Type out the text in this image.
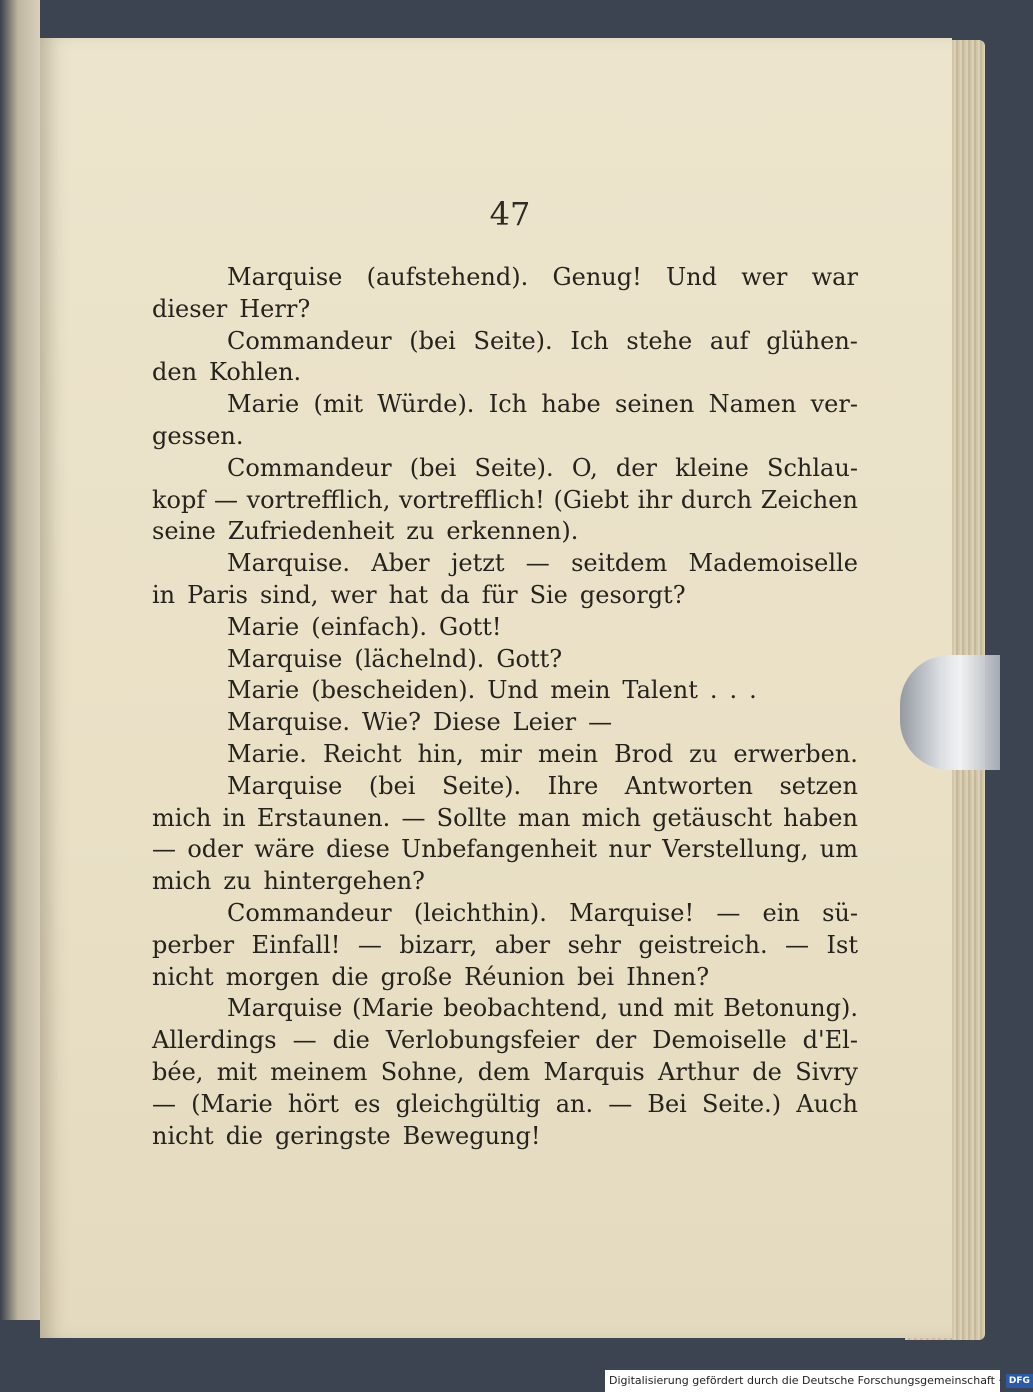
47
Marquise (aufstehend). Genug! Und wer war
dieser Herr?
Commandeur (bei Seite). Ich stehe auf glühen-
den Kohlen.
Marie (mit Würde). Ich habe seinen Namen ver-
gessen.
Commandeur (bei Seite). O, der kleine Schlau-
kopf — vortrefflich, vortrefflich! (Giebt ihr durch Zeichen
seine Zufriedenheit zu erkennen).
Marquise. Aber jetzt — seitdem Mademoiselle
in Paris sind, wer hat da für Sie gesorgt?
Marie (einfach). Gott!
Marquise (lächelnd). Gott?
Marie (bescheiden). Und mein Talent . . .
Marquise. Wie? Diese Leier —
Marie. Reicht hin, mir mein Brod zu erwerben.
Marquise (bei Seite). Ihre Antworten setzen
mich in Erstaunen. — Sollte man mich getäuscht haben
— oder wäre diese Unbefangenheit nur Verstellung, um
mich zu hintergehen?
Commandeur (leichthin). Marquise! — ein sü-
perber Einfall! — bizarr, aber sehr geistreich. — Ist
nicht morgen die große Réunion bei Ihnen?
Marquise (Marie beobachtend, und mit Betonung).
Allerdings — die Verlobungsfeier der Demoiselle d'El-
bée, mit meinem Sohne, dem Marquis Arthur de Sivry
— (Marie hört es gleichgültig an. — Bei Seite.) Auch
nicht die geringste Bewegung!
Digitalisierung gefördert durch die Deutsche Forschungsgemeinschaft · DFG
